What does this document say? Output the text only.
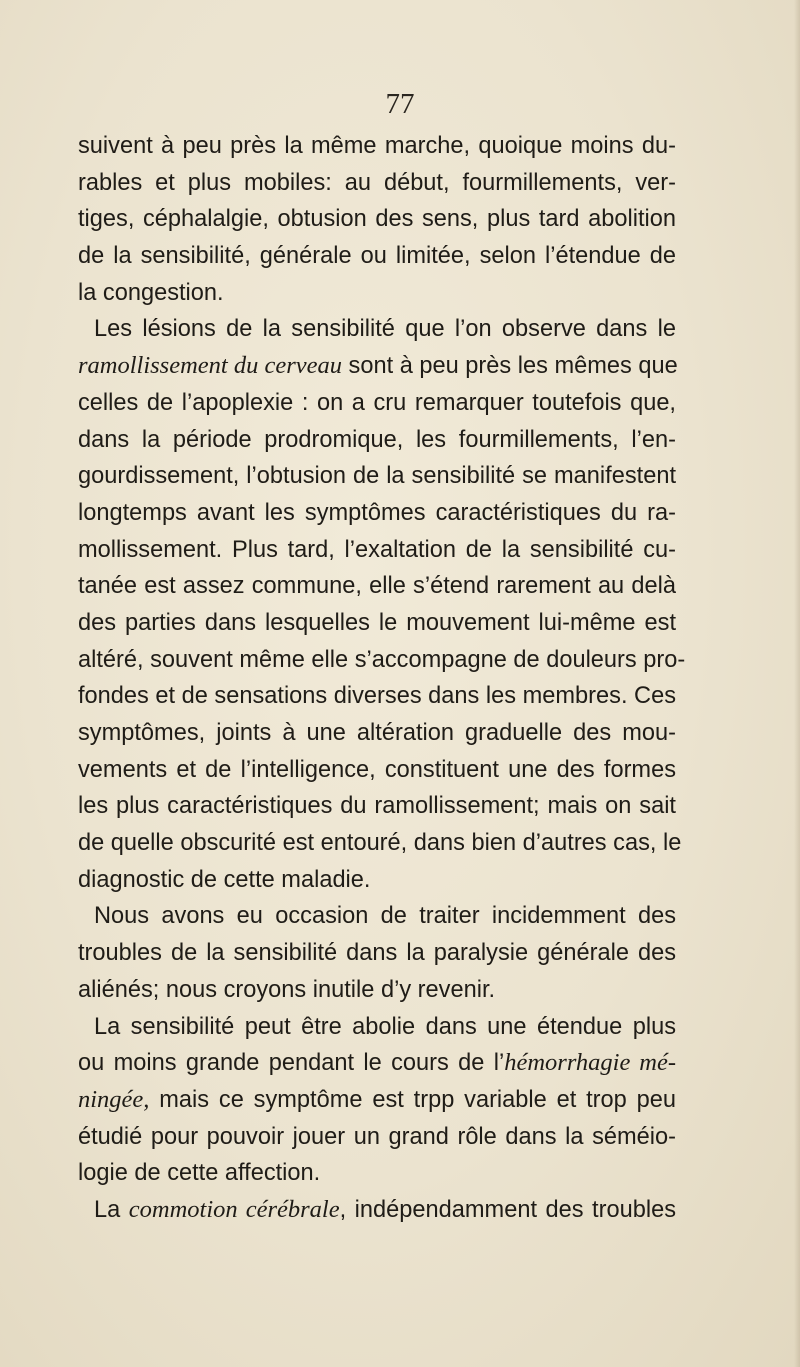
77
suivent à peu près la même marche, quoique moins du-
rables et plus mobiles: au début, fourmillements, ver-
tiges, céphalalgie, obtusion des sens, plus tard abolition
de la sensibilité, générale ou limitée, selon l’étendue de
la congestion.
Les lésions de la sensibilité que l’on observe dans le
ramollissement du cerveau sont à peu près les mêmes que
celles de l’apoplexie : on a cru remarquer toutefois que,
dans la période prodromique, les fourmillements, l’en-
gourdissement, l’obtusion de la sensibilité se manifestent
longtemps avant les symptômes caractéristiques du ra-
mollissement. Plus tard, l’exaltation de la sensibilité cu-
tanée est assez commune, elle s’étend rarement au delà
des parties dans lesquelles le mouvement lui-même est
altéré, souvent même elle s’accompagne de douleurs pro-
fondes et de sensations diverses dans les membres. Ces
symptômes, joints à une altération graduelle des mou-
vements et de l’intelligence, constituent une des formes
les plus caractéristiques du ramollissement; mais on sait
de quelle obscurité est entouré, dans bien d’autres cas, le
diagnostic de cette maladie.
Nous avons eu occasion de traiter incidemment des
troubles de la sensibilité dans la paralysie générale des
aliénés; nous croyons inutile d’y revenir.
La sensibilité peut être abolie dans une étendue plus
ou moins grande pendant le cours de l’hémorrhagie mé-
ningée, mais ce symptôme est trpp variable et trop peu
étudié pour pouvoir jouer un grand rôle dans la séméio-
logie de cette affection.
La commotion cérébrale, indépendamment des troubles
